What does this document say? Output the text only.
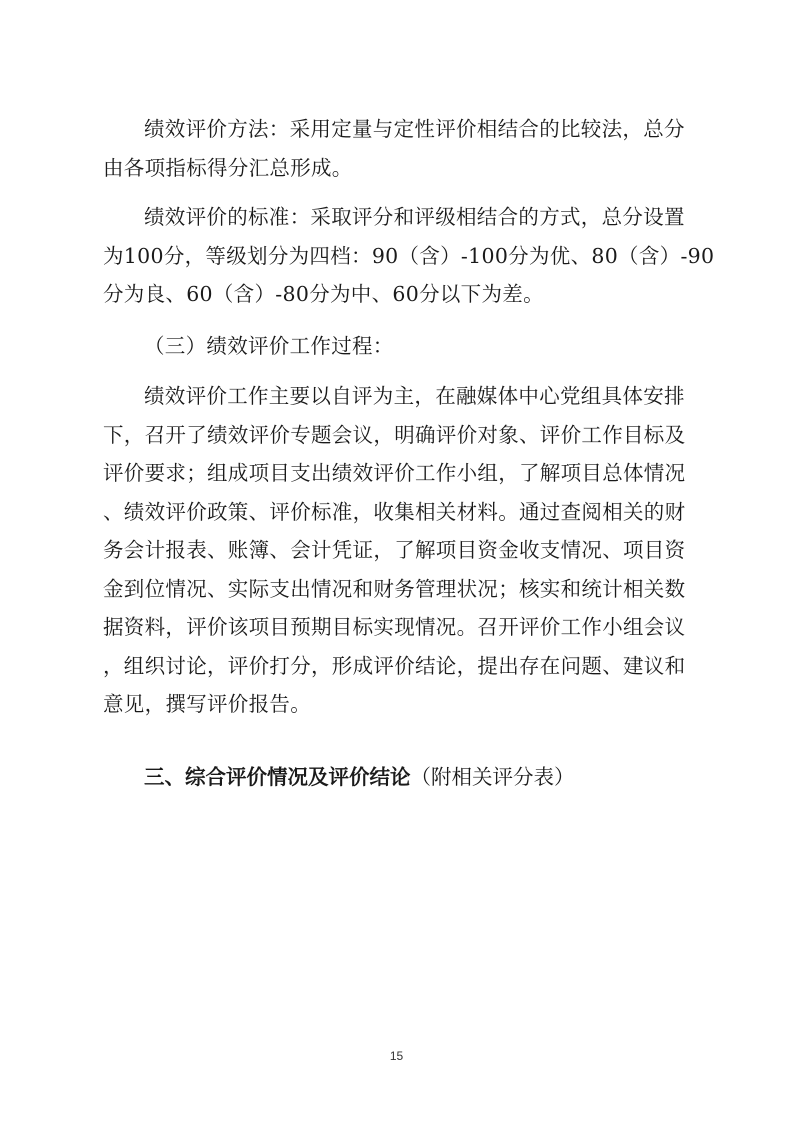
绩效评价方法：采用定量与定性评价相结合的比较法，总分
由各项指标得分汇总形成。

绩效评价的标准：采取评分和评级相结合的方式，总分设置
为100分，等级划分为四档：90（含）-100分为优、80（含）-90
分为良、60（含）-80分为中、60分以下为差。

（三）绩效评价工作过程：

绩效评价工作主要以自评为主，在融媒体中心党组具体安排
下，召开了绩效评价专题会议，明确评价对象、评价工作目标及
评价要求；组成项目支出绩效评价工作小组，了解项目总体情况
、绩效评价政策、评价标准，收集相关材料。通过查阅相关的财
务会计报表、账簿、会计凭证，了解项目资金收支情况、项目资
金到位情况、实际支出情况和财务管理状况；核实和统计相关数
据资料，评价该项目预期目标实现情况。召开评价工作小组会议
，组织讨论，评价打分，形成评价结论，提出存在问题、建议和
意见，撰写评价报告。

三、综合评价情况及评价结论（附相关评分表）
15
